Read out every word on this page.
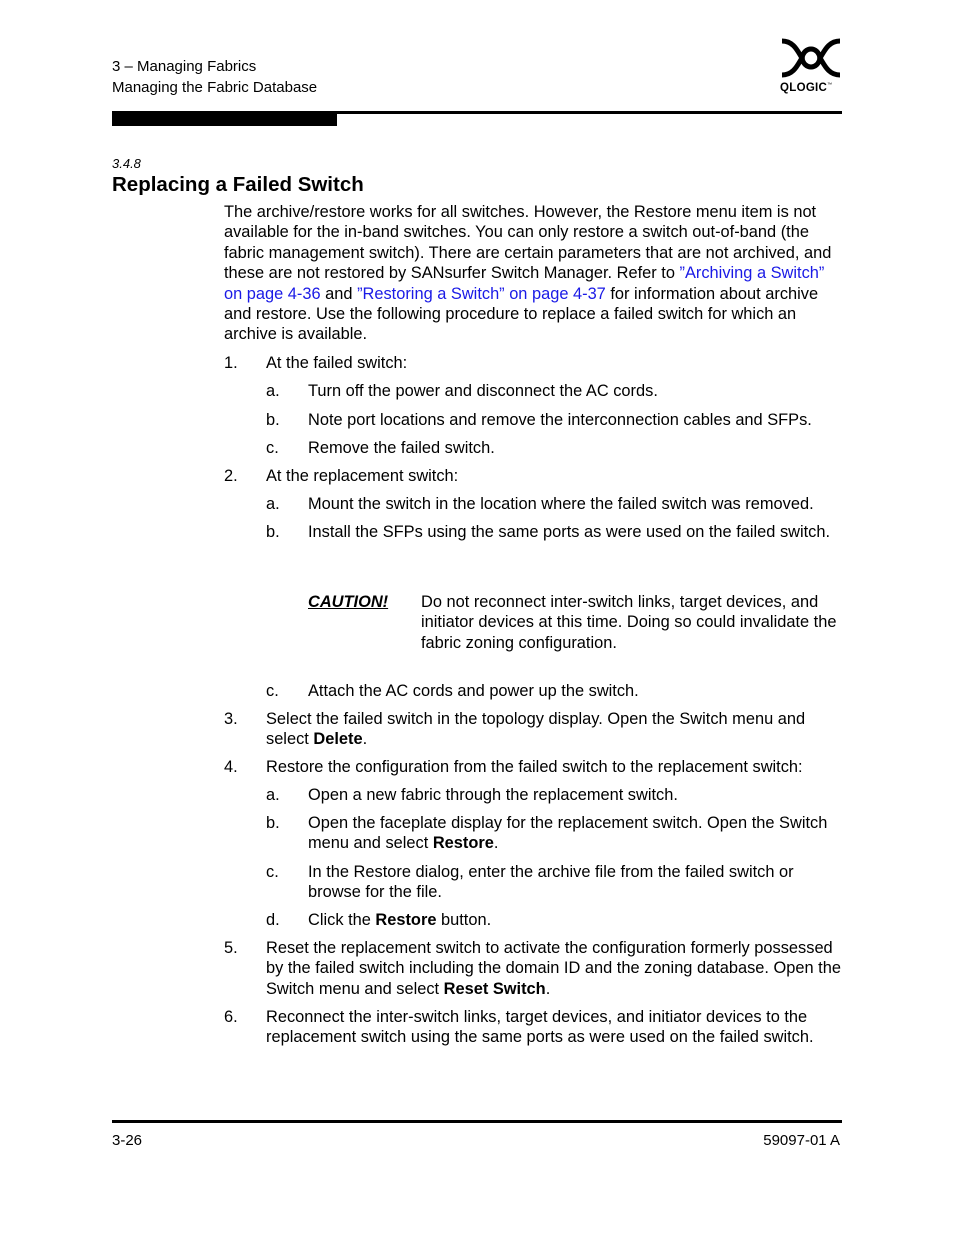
3 – Managing Fabrics
Managing the Fabric Database	QLOGIC™
3.4.8
Replacing a Failed Switch
The archive/restore works for all switches. However, the Restore menu item is not available for the in-band switches. You can only restore a switch out-of-band (the fabric management switch). There are certain parameters that are not archived, and these are not restored by SANsurfer Switch Manager. Refer to ”Archiving a Switch” on page 4-36 and ”Restoring a Switch” on page 4-37 for information about archive and restore. Use the following procedure to replace a failed switch for which an archive is available.
1. At the failed switch:
a. Turn off the power and disconnect the AC cords.
b. Note port locations and remove the interconnection cables and SFPs.
c. Remove the failed switch.
2. At the replacement switch:
a. Mount the switch in the location where the failed switch was removed.
b. Install the SFPs using the same ports as were used on the failed switch.
CAUTION! Do not reconnect inter-switch links, target devices, and initiator devices at this time. Doing so could invalidate the fabric zoning configuration.
c. Attach the AC cords and power up the switch.
3. Select the failed switch in the topology display. Open the Switch menu and select Delete.
4. Restore the configuration from the failed switch to the replacement switch:
a. Open a new fabric through the replacement switch.
b. Open the faceplate display for the replacement switch. Open the Switch menu and select Restore.
c. In the Restore dialog, enter the archive file from the failed switch or browse for the file.
d. Click the Restore button.
5. Reset the replacement switch to activate the configuration formerly possessed by the failed switch including the domain ID and the zoning database. Open the Switch menu and select Reset Switch.
6. Reconnect the inter-switch links, target devices, and initiator devices to the replacement switch using the same ports as were used on the failed switch.
3-26	59097-01 A
